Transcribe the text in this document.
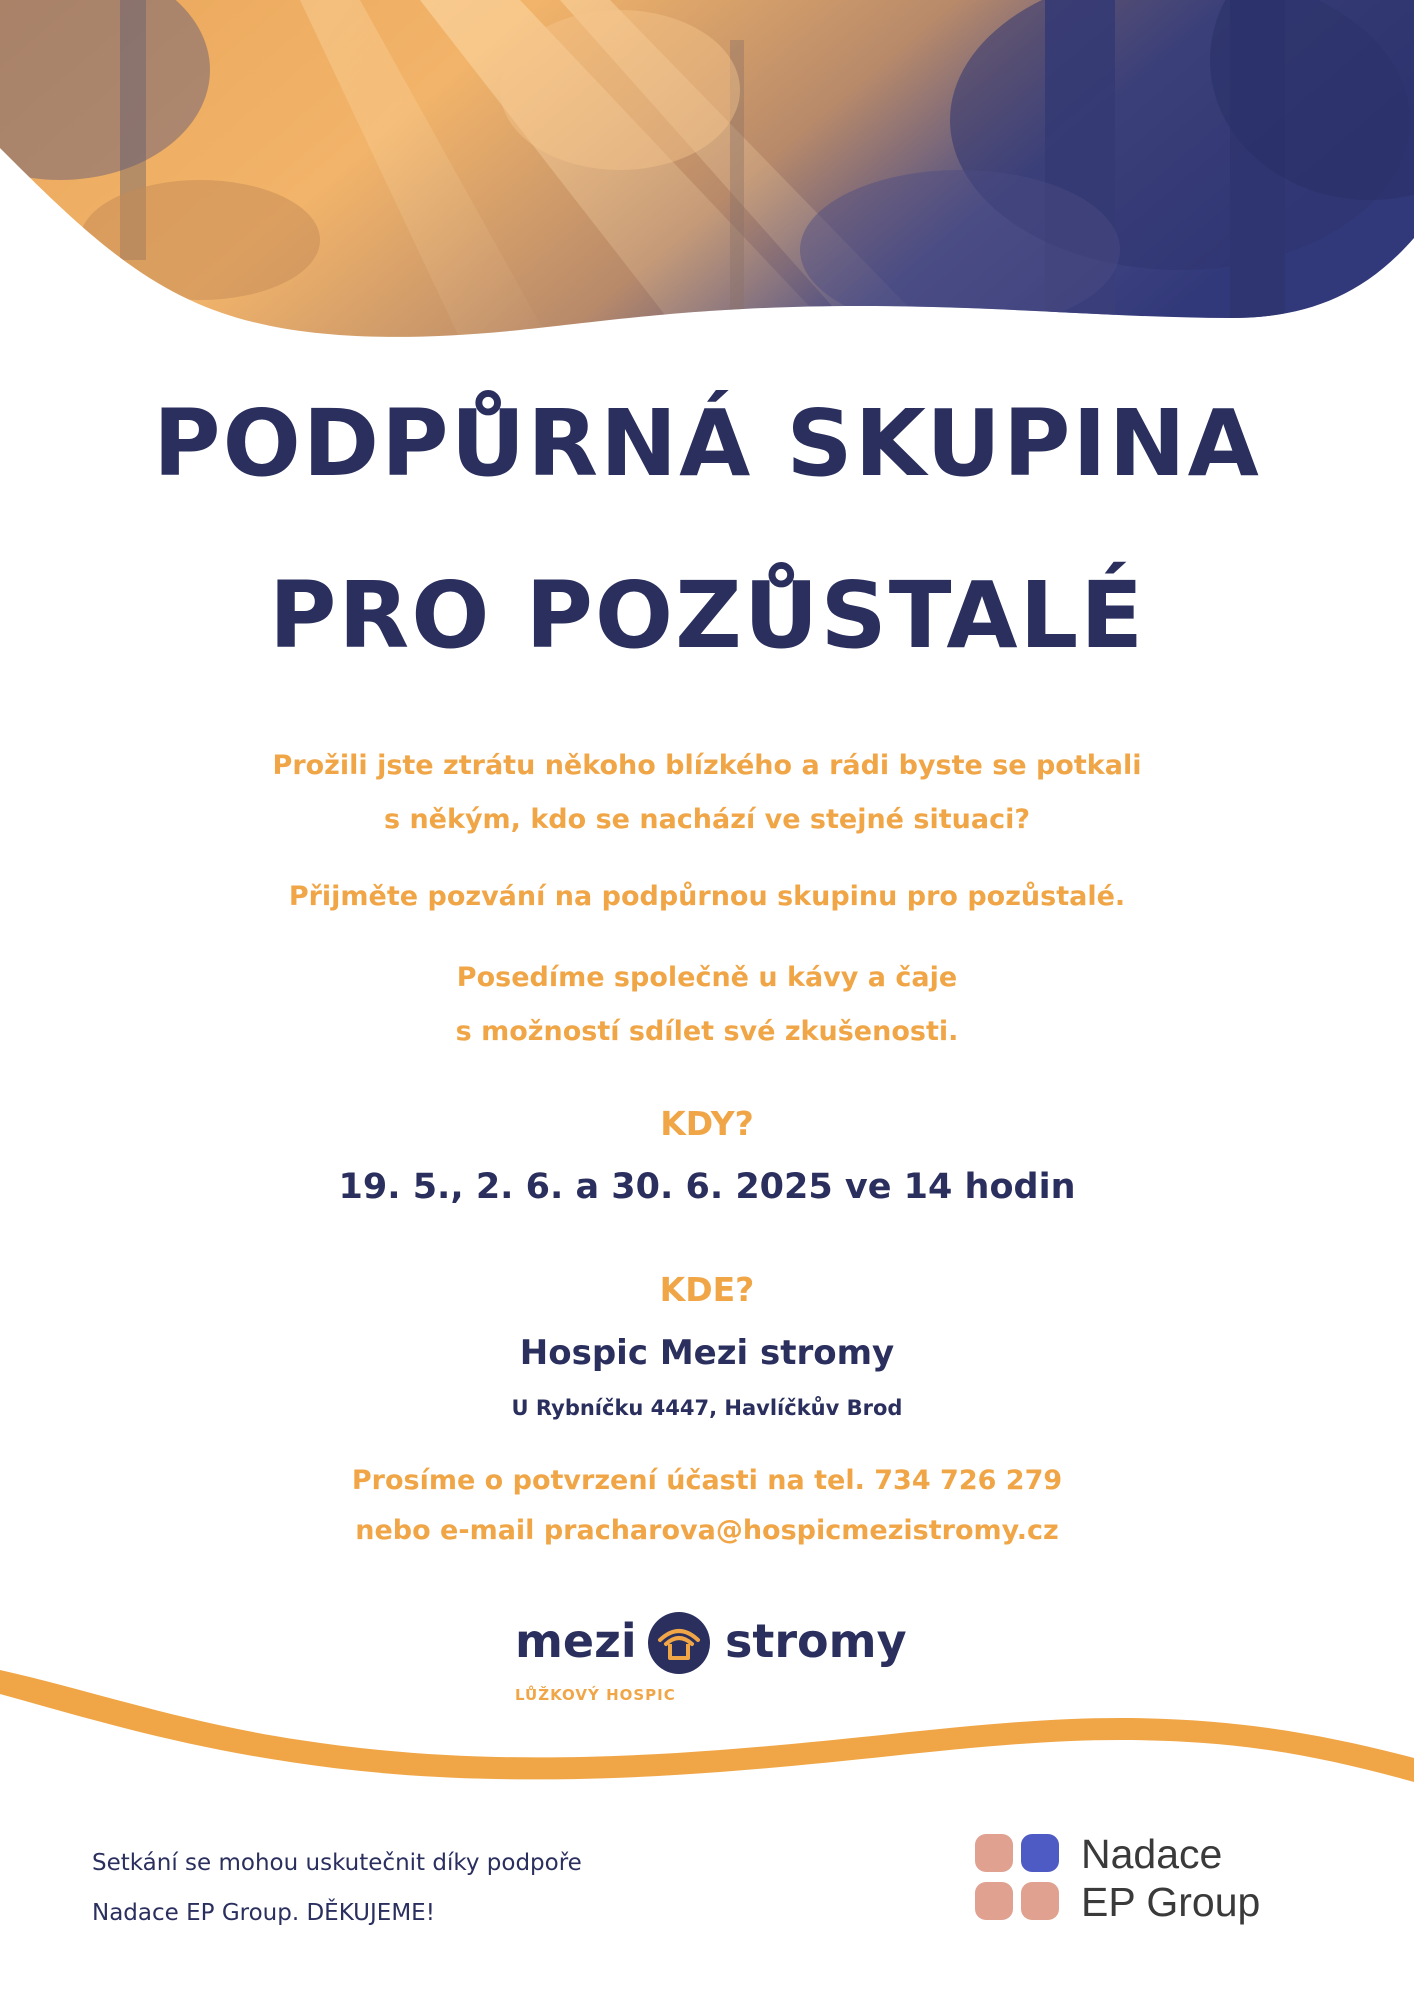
PODPŮRNÁ SKUPINA
PRO POZŮSTALÉ
Prožili jste ztrátu někoho blízkého a rádi byste se potkali
s někým, kdo se nachází ve stejné situaci?
Přijměte pozvání na podpůrnou skupinu pro pozůstalé.
Posedíme společně u kávy a čaje
s možností sdílet své zkušenosti.
KDY?
19. 5., 2. 6. a 30. 6. 2025 ve 14 hodin
KDE?
Hospic Mezi stromy
U Rybníčku 4447, Havlíčkův Brod
Prosíme o potvrzení účasti na tel. 734 726 279
nebo e-mail pracharova@hospicmezistromy.cz
mezi stromy
LŮŽKOVÝ HOSPIC
Setkání se mohou uskutečnit díky podpoře
Nadace EP Group. DĚKUJEME!
Nadace
EP Group
